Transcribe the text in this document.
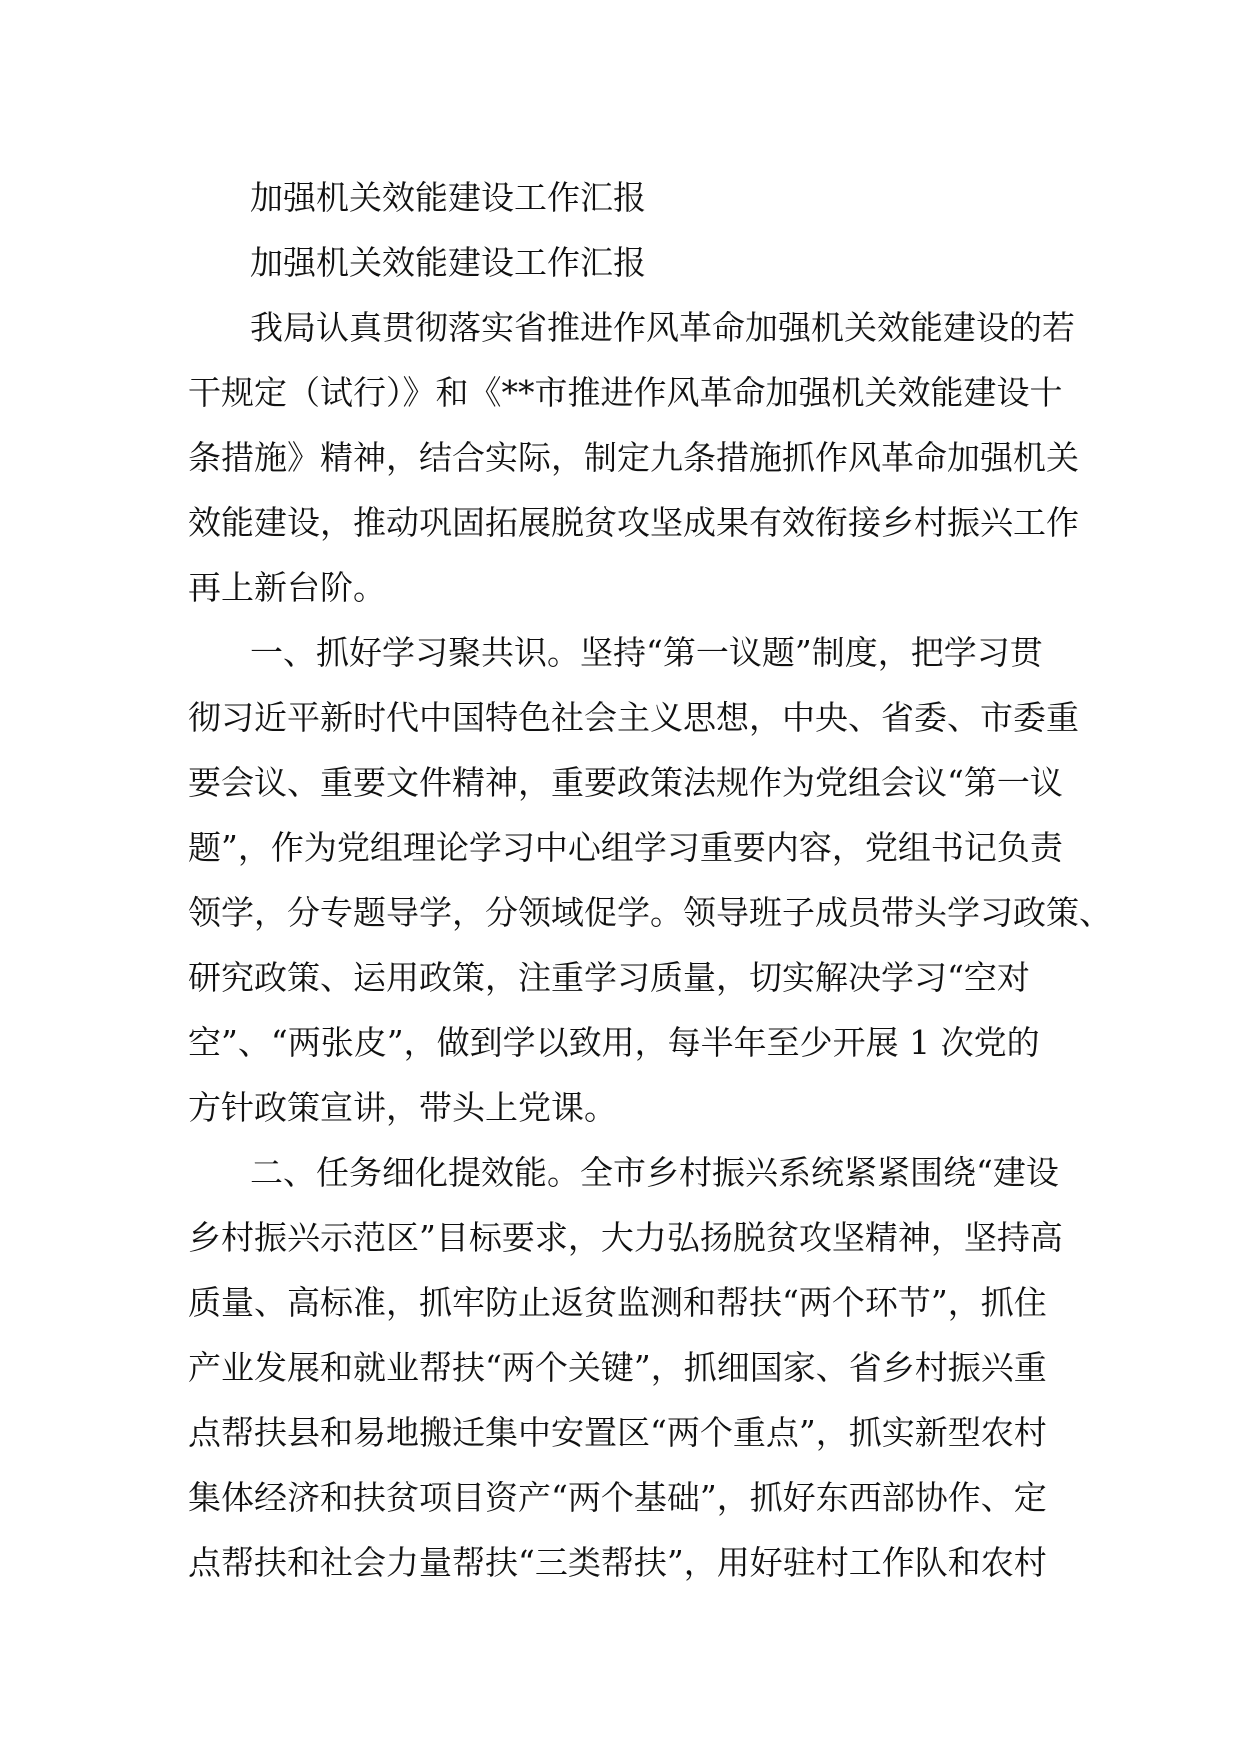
加强机关效能建设工作汇报
加强机关效能建设工作汇报
我局认真贯彻落实省推进作风革命加强机关效能建设的若
干规定（试行）》和《**市推进作风革命加强机关效能建设十
条措施》精神，结合实际，制定九条措施抓作风革命加强机关
效能建设，推动巩固拓展脱贫攻坚成果有效衔接乡村振兴工作
再上新台阶。
一、抓好学习聚共识。坚持“第一议题”制度，把学习贯
彻习近平新时代中国特色社会主义思想，中央、省委、市委重
要会议、重要文件精神，重要政策法规作为党组会议“第一议
题”，作为党组理论学习中心组学习重要内容，党组书记负责
领学，分专题导学，分领域促学。领导班子成员带头学习政策、
研究政策、运用政策，注重学习质量，切实解决学习“空对
空”、“两张皮”，做到学以致用，每半年至少开展 1 次党的
方针政策宣讲，带头上党课。
二、任务细化提效能。全市乡村振兴系统紧紧围绕“建设
乡村振兴示范区”目标要求，大力弘扬脱贫攻坚精神，坚持高
质量、高标准，抓牢防止返贫监测和帮扶“两个环节”，抓住
产业发展和就业帮扶“两个关键”，抓细国家、省乡村振兴重
点帮扶县和易地搬迁集中安置区“两个重点”，抓实新型农村
集体经济和扶贫项目资产“两个基础”，抓好东西部协作、定
点帮扶和社会力量帮扶“三类帮扶”，用好驻村工作队和农村
